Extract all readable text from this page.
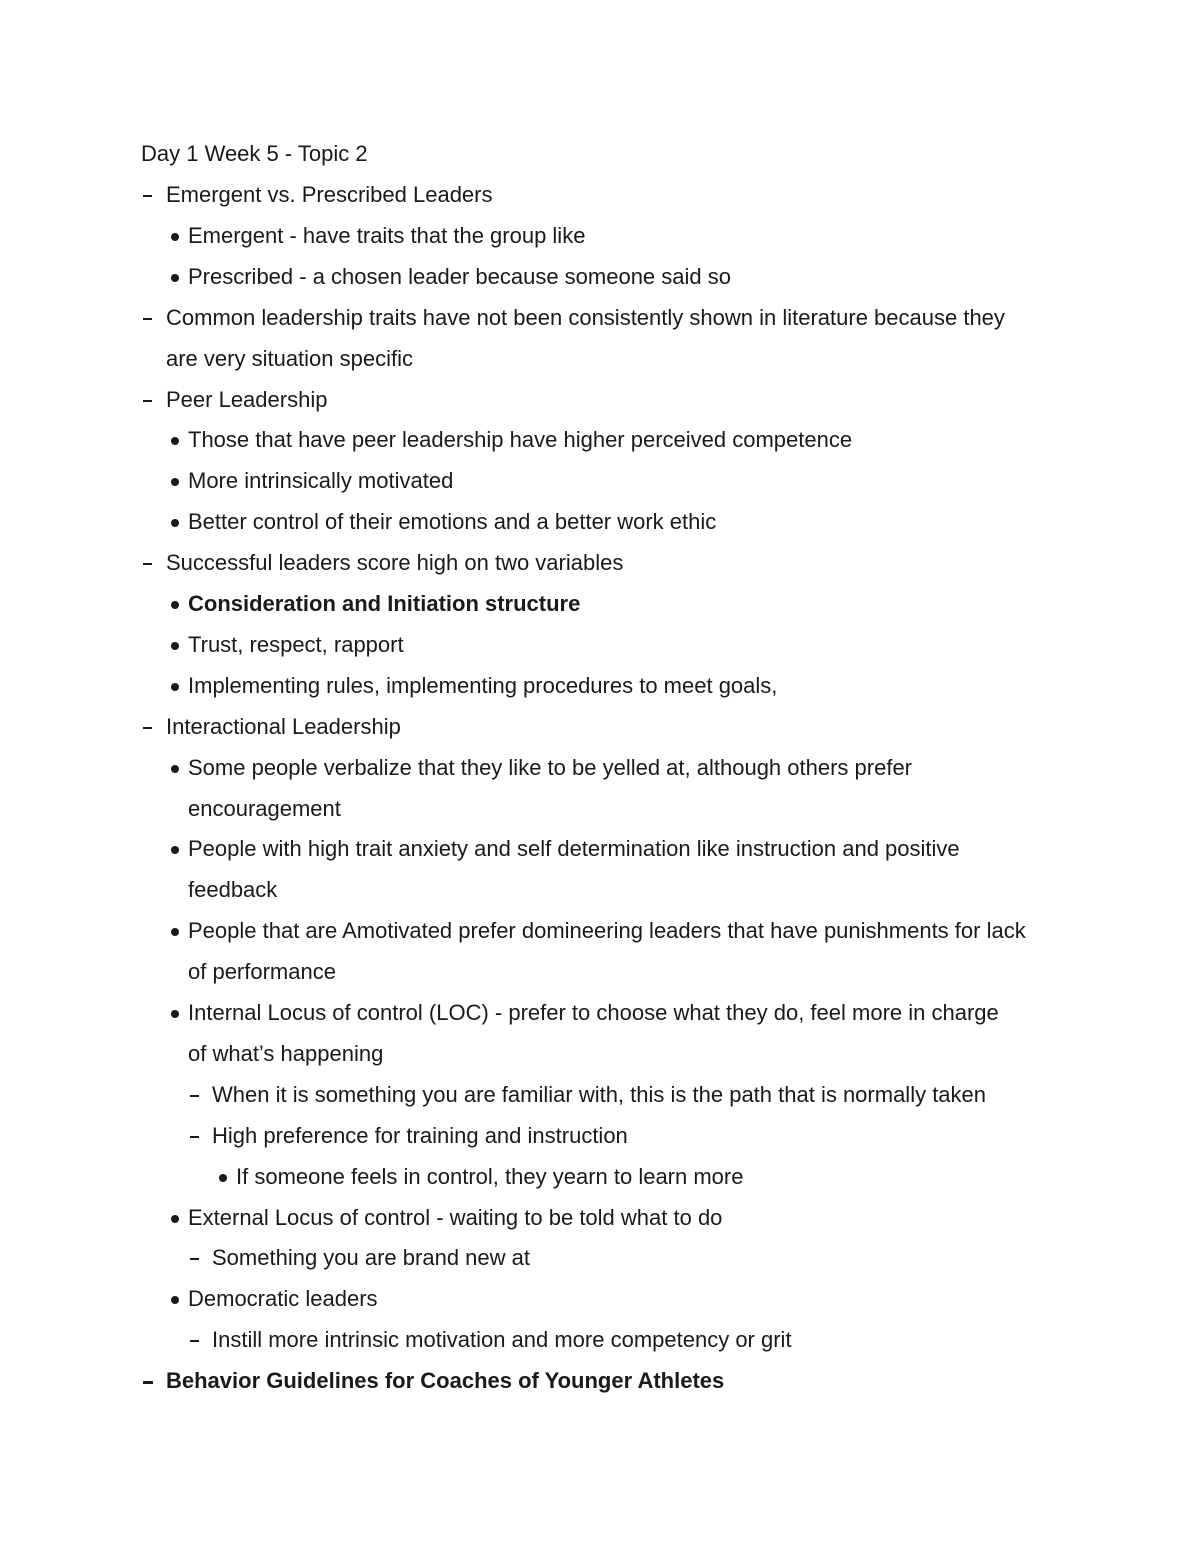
Day 1 Week 5 - Topic 2
Emergent vs. Prescribed Leaders
Emergent - have traits that the group like
Prescribed - a chosen leader because someone said so
Common leadership traits have not been consistently shown in literature because they
are very situation specific
Peer Leadership
Those that have peer leadership have higher perceived competence
More intrinsically motivated
Better control of their emotions and a better work ethic
Successful leaders score high on two variables
Consideration and Initiation structure
Trust, respect, rapport
Implementing rules, implementing procedures to meet goals,
Interactional Leadership
Some people verbalize that they like to be yelled at, although others prefer
encouragement
People with high trait anxiety and self determination like instruction and positive
feedback
People that are Amotivated prefer domineering leaders that have punishments for lack
of performance
Internal Locus of control (LOC) - prefer to choose what they do, feel more in charge
of what’s happening
When it is something you are familiar with, this is the path that is normally taken
High preference for training and instruction
If someone feels in control, they yearn to learn more
External Locus of control - waiting to be told what to do
Something you are brand new at
Democratic leaders
Instill more intrinsic motivation and more competency or grit
Behavior Guidelines for Coaches of Younger Athletes
